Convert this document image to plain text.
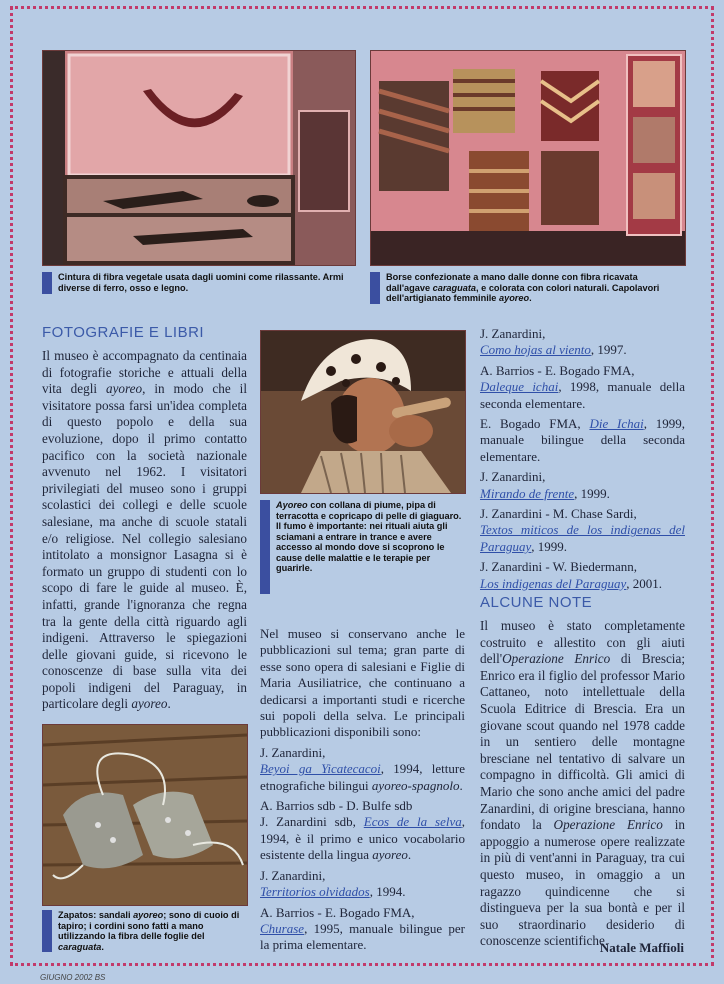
Cintura di fibra vegetale usata dagli uomini come rilassante. Armi diverse di ferro, osso e legno.
Borse confezionate a mano dalle donne con fibra ricavata dall'agave caraguata, e colorata con colori naturali. Capolavori dell'artigianato femminile ayoreo.
FOTOGRAFIE E LIBRI
Il museo è accompagnato da centinaia di fotografie storiche e attuali della vita degli ayoreo, in modo che il visitatore possa farsi un'idea completa di questo popolo e della sua evoluzione, dopo il primo contatto pacifico con la società nazionale avvenuto nel 1962. I visitatori privilegiati del museo sono i gruppi scolastici dei collegi e delle scuole salesiane, ma anche di scuole statali e/o religiose. Nel collegio salesiano intitolato a monsignor Lasagna si è formato un gruppo di studenti con lo scopo di fare le guide al museo. È, infatti, grande l'ignoranza che regna tra la gente della città riguardo agli indigeni. Attraverso le spiegazioni delle giovani guide, si ricevono le conoscenze di base sulla vita dei popoli indigeni del Paraguay, in particolare degli ayoreo.
Ayoreo con collana di piume, pipa di terracotta e copricapo di pelle di giaguaro. Il fumo è importante: nei rituali aiuta gli sciamani a entrare in trance e avere accesso al mondo dove si scoprono le cause delle malattie e le terapie per guarirle.

Nel museo si conservano anche le pubblicazioni sul tema; gran parte di esse sono opera di salesiani e Figlie di Maria Ausiliatrice, che continuano a dedicarsi a importanti studi e ricerche sui popoli della selva. Le principali pubblicazioni disponibili sono:

J. Zanardini,
Beyoi ga Yicatecacoi, 1994, letture etnografiche bilingui ayoreo-spagnolo.

A. Barrios sdb - D. Bulfe sdb
J. Zanardini sdb, Ecos de la selva, 1994, è il primo e unico vocabolario esistente della lingua ayoreo.

J. Zanardini,
Territorios olvidados, 1994.

A. Barrios - E. Bogado FMA,
Churase, 1995, manuale bilingue per la prima elementare.

J. Zanardini,
Como hojas al viento, 1997.

A. Barrios - E. Bogado FMA,
Daleque ichai, 1998, manuale della seconda elementare.

E. Bogado FMA, Die Ichai, 1999, manuale bilingue della seconda elementare.

J. Zanardini,
Mirando de frente, 1999.

J. Zanardini - M. Chase Sardi,
Textos miticos de los indigenas del Paraguay, 1999.

J. Zanardini - W. Biedermann,
Los indigenas del Paraguay, 2001.

ALCUNE NOTE
Il museo è stato completamente costruito e allestito con gli aiuti dell'Operazione Enrico di Brescia; Enrico era il figlio del professor Mario Cattaneo, noto intellettuale della Scuola Editrice di Brescia. Era un giovane scout quando nel 1978 cadde in un sentiero delle montagne bresciane nel tentativo di salvare un compagno in difficoltà. Gli amici di Mario che sono anche amici del padre Zanardini, di origine bresciana, hanno fondato la Operazione Enrico in appoggio a numerose opere realizzate in più di vent'anni in Paraguay, tra cui questo museo, in omaggio a un ragazzo quindicenne che si distingueva per la sua bontà e per il suo straordinario desiderio di conoscenze scientifiche.
Natale Maffioli
Zapatos: sandali ayoreo; sono di cuoio di tapiro; i cordini sono fatti a mano utilizzando la fibra delle foglie del caraguata.
GIUGNO 2002 BS
